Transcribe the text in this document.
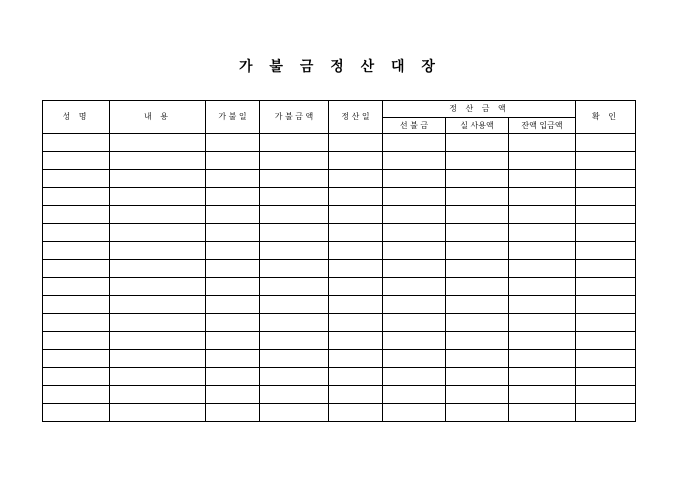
가 불 금 정 산 대 장
성 명	내 용	가 불 일	가 불 금 액	정 산 일	정 산 금 액			확 인
					선 불 금	실 사용액	잔액 입금액	
